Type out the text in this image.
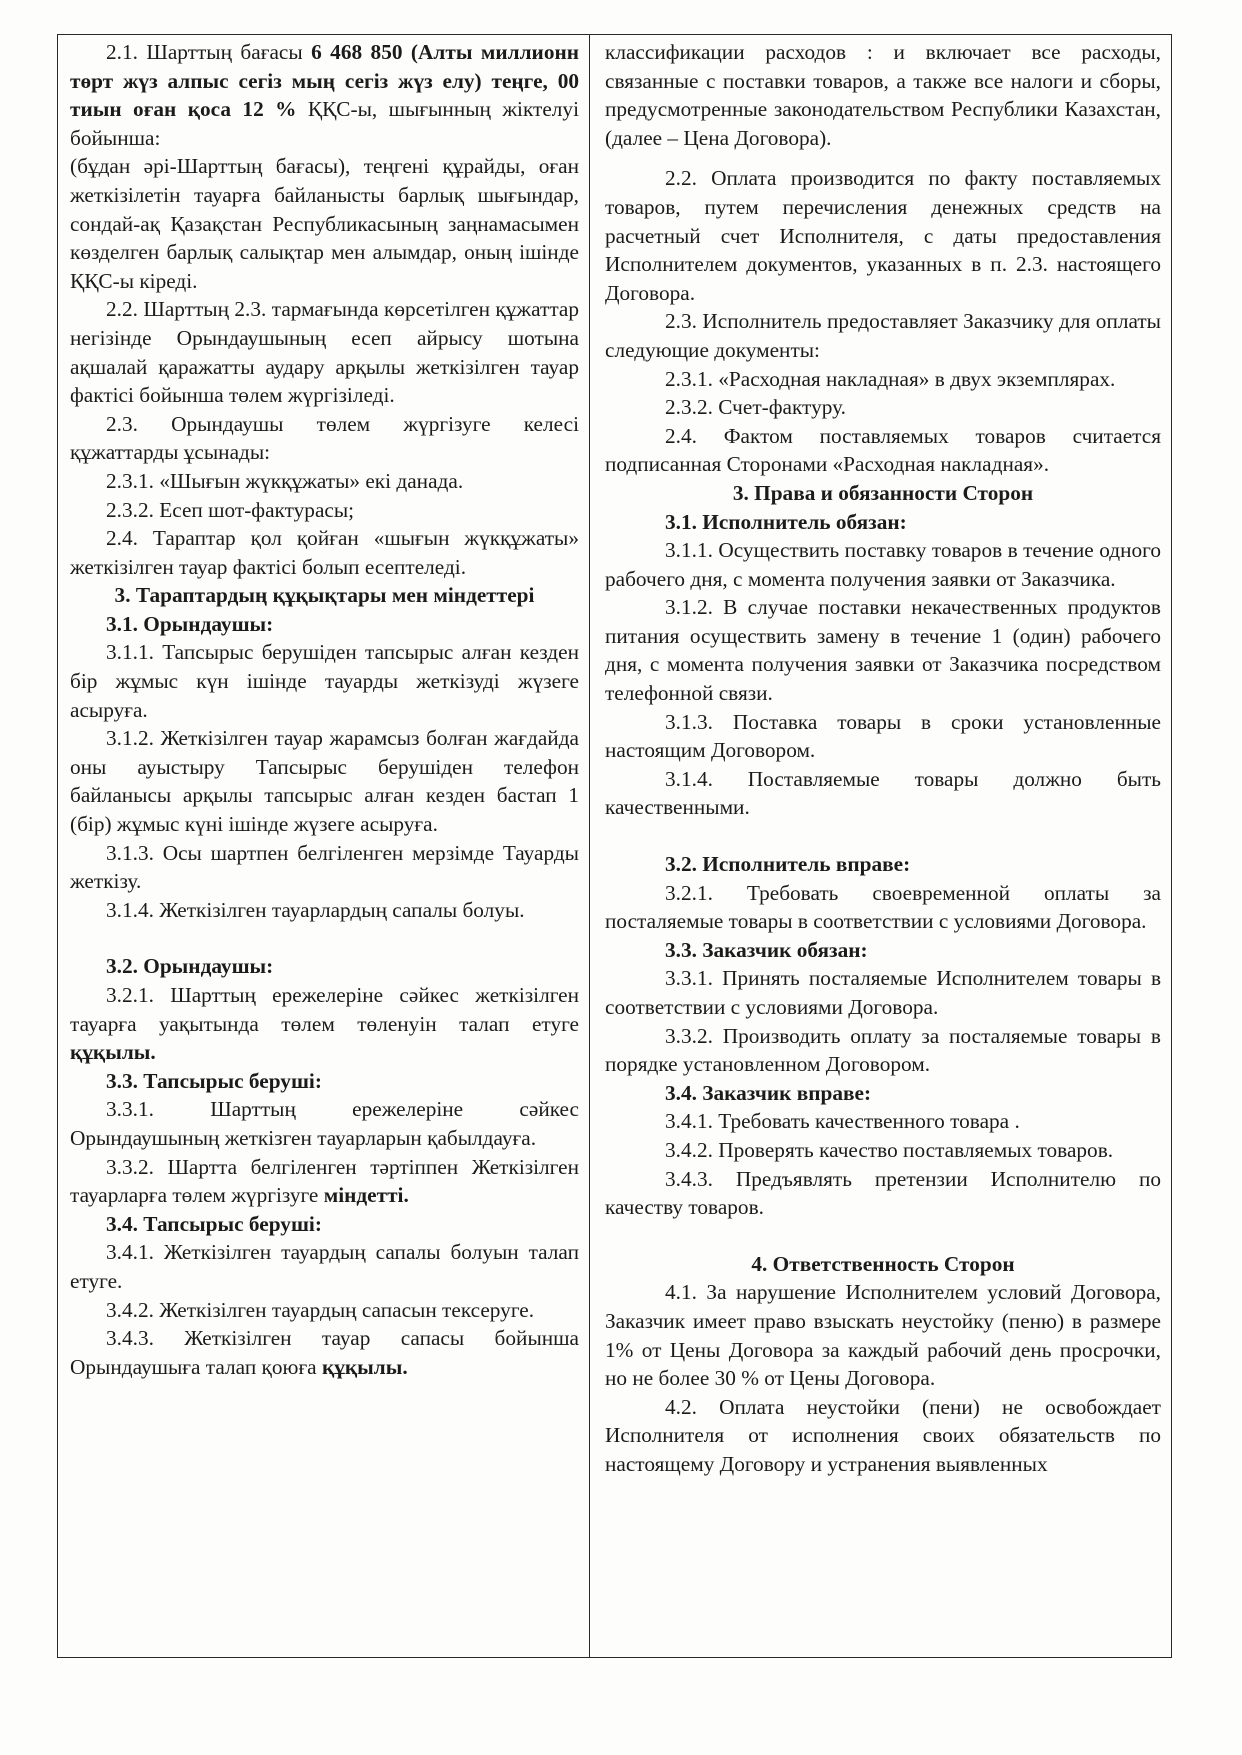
2.1. Шарттың бағасы 6 468 850 (Алты миллионн төрт жүз алпыс сегіз мың сегіз жүз елу) теңге, 00 тиын оған қоса 12 % ҚҚС-ы, шығынның жіктелуі бойынша:

(бұдан әрі-Шарттың бағасы), теңгені құрайды, оған жеткізілетін тауарға байланысты барлық шығындар, сондай-ақ Қазақстан Республикасының заңнамасымен көзделген барлық салықтар мен алымдар, оның ішінде ҚҚС-ы кіреді.

2.2. Шарттың 2.3. тармағында көрсетілген құжаттар негізінде Орындаушының есеп айрысу шотына ақшалай қаражатты аудару арқылы жеткізілген тауар фактісі бойынша төлем жүргізіледі.

2.3. Орындаушы төлем жүргізуге келесі құжаттарды ұсынады:

2.3.1. «Шығын жүкқұжаты» екі данада.

2.3.2. Есеп шот-фактурасы;

2.4. Тараптар қол қойған «шығын жүкқұжаты» жеткізілген тауар фактісі болып есептеледі.

3. Тараптардың құқықтары мен міндеттері

3.1. Орындаушы:

3.1.1. Тапсырыс берушіден тапсырыс алған кезден бір жұмыс күн ішінде тауарды жеткізуді жүзеге асыруға.

3.1.2. Жеткізілген тауар жарамсыз болған жағдайда оны ауыстыру Тапсырыс берушіден телефон байланысы арқылы тапсырыс алған кезден бастап 1 (бір) жұмыс күні ішінде жүзеге асыруға.

3.1.3. Осы шартпен белгіленген мерзімде Тауарды жеткізу.

3.1.4. Жеткізілген тауарлардың сапалы болуы.

3.2. Орындаушы:

3.2.1. Шарттың ережелеріне сәйкес жеткізілген тауарға уақытында төлем төленуін талап етуге құқылы.

3.3. Тапсырыс беруші:

3.3.1. Шарттың ережелеріне сәйкес Орындаушының жеткізген тауарларын қабылдауға.

3.3.2. Шартта белгіленген тәртіппен Жеткізілген тауарларға төлем жүргізуге міндетті.

3.4. Тапсырыс беруші:

3.4.1. Жеткізілген тауардың сапалы болуын талап етуге.

3.4.2. Жеткізілген тауардың сапасын тексеруге.

3.4.3. Жеткізілген тауар сапасы бойынша Орындаушыға талап қоюға құқылы.

классификации расходов : и включает все расходы, связанные с поставки товаров, а также все налоги и сборы, предусмотренные законодательством Республики Казахстан, (далее – Цена Договора).

2.2. Оплата производится по факту поставляемых товаров, путем перечисления денежных средств на расчетный счет Исполнителя, с даты предоставления Исполнителем документов, указанных в п. 2.3. настоящего Договора.

2.3. Исполнитель предоставляет Заказчику для оплаты следующие документы:

2.3.1. «Расходная накладная» в двух экземплярах.

2.3.2. Счет-фактуру.

2.4. Фактом поставляемых товаров считается подписанная Сторонами «Расходная накладная».

3. Права и обязанности Сторон

3.1. Исполнитель обязан:

3.1.1. Осуществить поставку товаров в течение одного рабочего дня, с момента получения заявки от Заказчика.

3.1.2. В случае поставки некачественных продуктов питания осуществить замену в течение 1 (один) рабочего дня, с момента получения заявки от Заказчика посредством телефонной связи.

3.1.3. Поставка товары в сроки установленные настоящим Договором.

3.1.4. Поставляемые товары должно быть качественными.

3.2. Исполнитель вправе:

3.2.1. Требовать своевременной оплаты за посталяемые товары в соответствии с условиями Договора.

3.3. Заказчик обязан:

3.3.1. Принять посталяемые Исполнителем товары в соответствии с условиями Договора.

3.3.2. Производить оплату за посталяемые товары в порядке установленном Договором.

3.4. Заказчик вправе:

3.4.1. Требовать качественного товара .

3.4.2. Проверять качество поставляемых товаров.

3.4.3. Предъявлять претензии Исполнителю по качеству товаров.

4. Ответственность Сторон

4.1. За нарушение Исполнителем условий Договора, Заказчик имеет право взыскать неустойку (пеню) в размере 1% от Цены Договора за каждый рабочий день просрочки, но не более 30 % от Цены Договора.

4.2. Оплата неустойки (пени) не освобождает Исполнителя от исполнения своих обязательств по настоящему Договору и устранения выявленных
